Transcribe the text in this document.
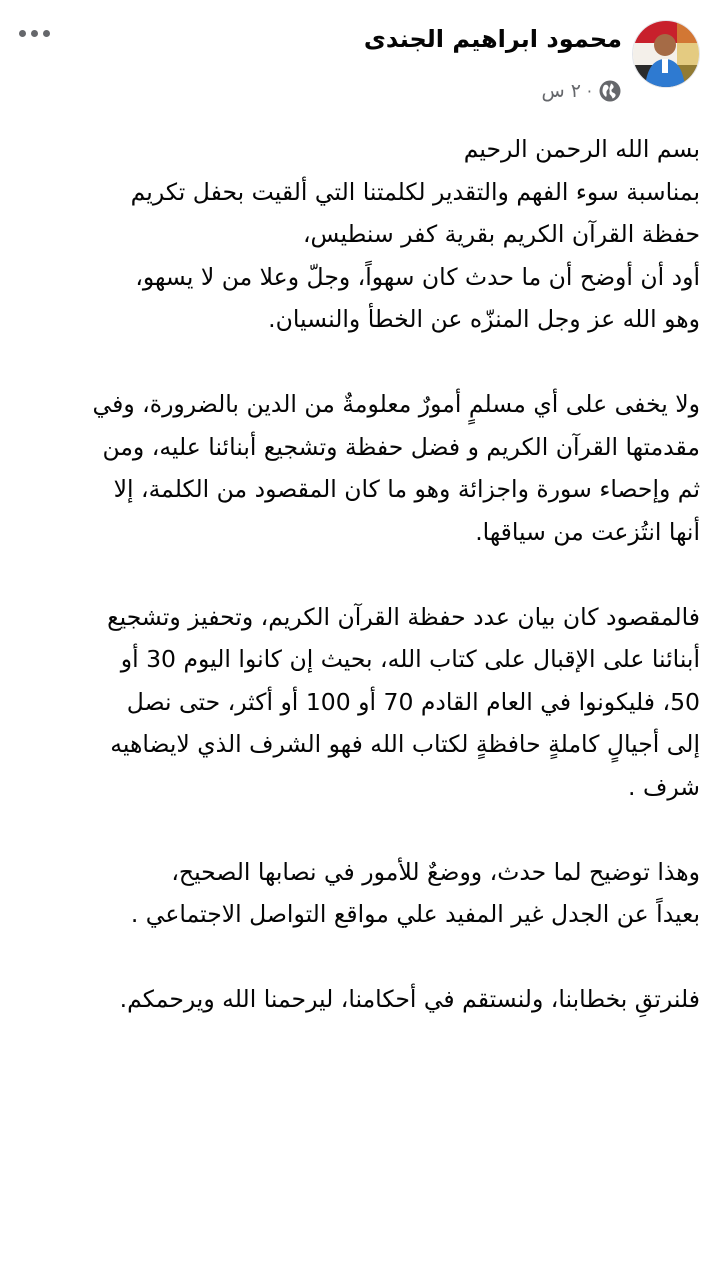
محمود ابراهيم الجندى
٢ س ·

بسم الله الرحمن الرحيم

بمناسبة سوء الفهم والتقدير لكلمتنا التي ألقيت بحفل تكريم

حفظة القرآن الكريم بقرية كفر سنطيس،

أود أن أوضح أن ما حدث كان سهواً، وجلّ وعلا من لا يسهو،

وهو الله عز وجل المنزّه عن الخطأ والنسيان.

ولا يخفى على أي مسلمٍ أمورٌ معلومةٌ من الدين بالضرورة، وفي

مقدمتها القرآن الكريم و فضل حفظة وتشجيع أبنائنا عليه، ومن

ثم وإحصاء سورة واجزائة وهو ما كان المقصود من الكلمة، إلا

أنها انتُزعت من سياقها.

فالمقصود كان بيان عدد حفظة القرآن الكريم، وتحفيز وتشجيع

أبنائنا على الإقبال على كتاب الله، بحيث إن كانوا اليوم 30 أو

50، فليكونوا في العام القادم 70 أو 100 أو أكثر، حتى نصل

إلى أجيالٍ كاملةٍ حافظةٍ لكتاب الله فهو الشرف الذي لايضاهيه

شرف .

وهذا توضيح لما حدث، ووضعٌ للأمور في نصابها الصحيح،

بعيداً عن الجدل غير المفيد علي مواقع التواصل الاجتماعي .

فلنرتقِ بخطابنا، ولنستقم في أحكامنا، ليرحمنا الله ويرحمكم.
